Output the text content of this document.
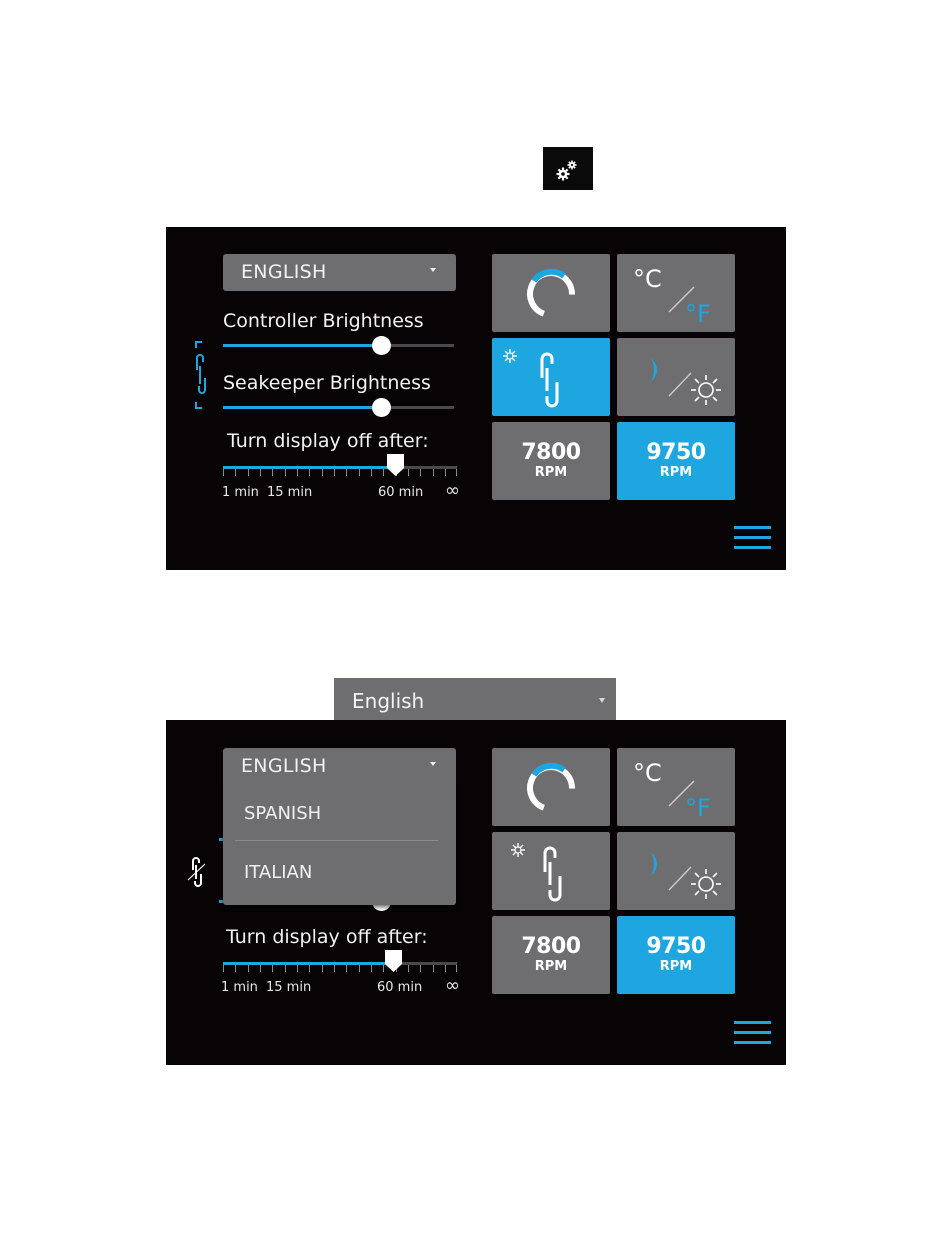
ENGLISH
Controller Brightness
Seakeeper Brightness
Turn display off after:
1 min 15 min	60 min ∞
°C
°F
7800
RPM
9750
RPM
English
SPANISH
ITALIAN
ENGLISH
Turn display off after:
1 min 15 min	60 min ∞
°C
°F
7800
RPM
9750
RPM
